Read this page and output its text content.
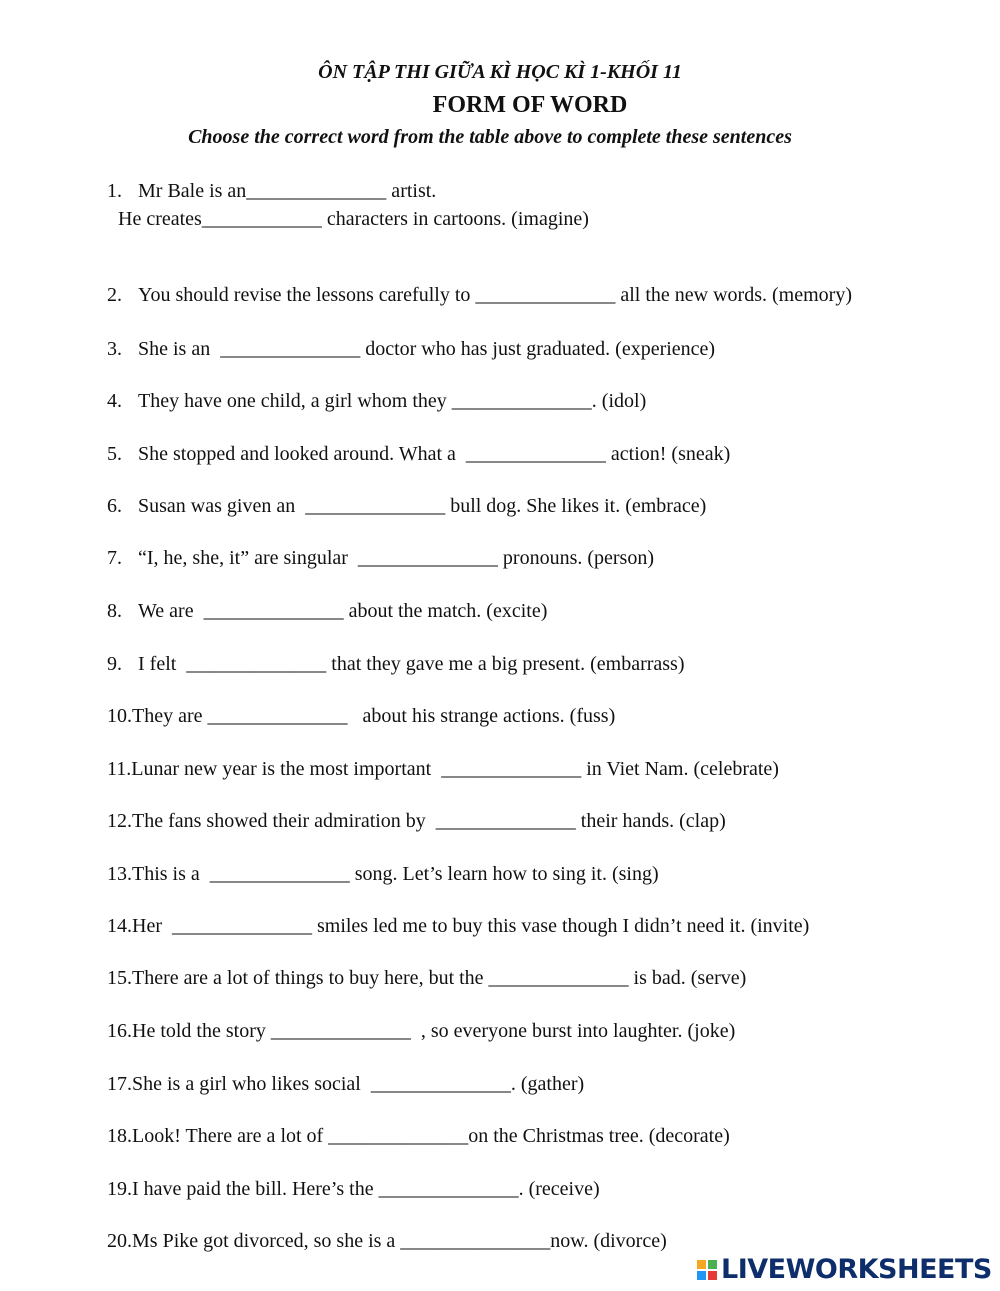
ÔN TẬP THI GIỮA KÌ HỌC KÌ 1-KHỐI 11

FORM OF WORD

Choose the correct word from the table above to complete these sentences

1. Mr Bale is an______________ artist.

He creates____________ characters in cartoons. (imagine)

2. You should revise the lessons carefully to ______________ all the new words. (memory)

3. She is an  ______________ doctor who has just graduated. (experience)

4. They have one child, a girl whom they ______________. (idol)

5. She stopped and looked around. What a  ______________ action! (sneak)

6. Susan was given an  ______________ bull dog. She likes it. (embrace)

7. “I, he, she, it” are singular  ______________ pronouns. (person)

8. We are  ______________ about the match. (excite)

9. I felt  ______________ that they gave me a big present. (embarrass)

10.They are ______________   about his strange actions. (fuss)

11.Lunar new year is the most important  ______________ in Viet Nam. (celebrate)

12.The fans showed their admiration by  ______________ their hands. (clap)

13.This is a  ______________ song. Let’s learn how to sing it. (sing)

14.Her  ______________ smiles led me to buy this vase though I didn’t need it. (invite)

15.There are a lot of things to buy here, but the ______________ is bad. (serve)

16.He told the story ______________  , so everyone burst into laughter. (joke)

17.She is a girl who likes social  ______________. (gather)

18.Look! There are a lot of ______________on the Christmas tree. (decorate)

19.I have paid the bill. Here’s the ______________. (receive)

20.Ms Pike got divorced, so she is a _______________now. (divorce)

LIVEWORKSHEETS
